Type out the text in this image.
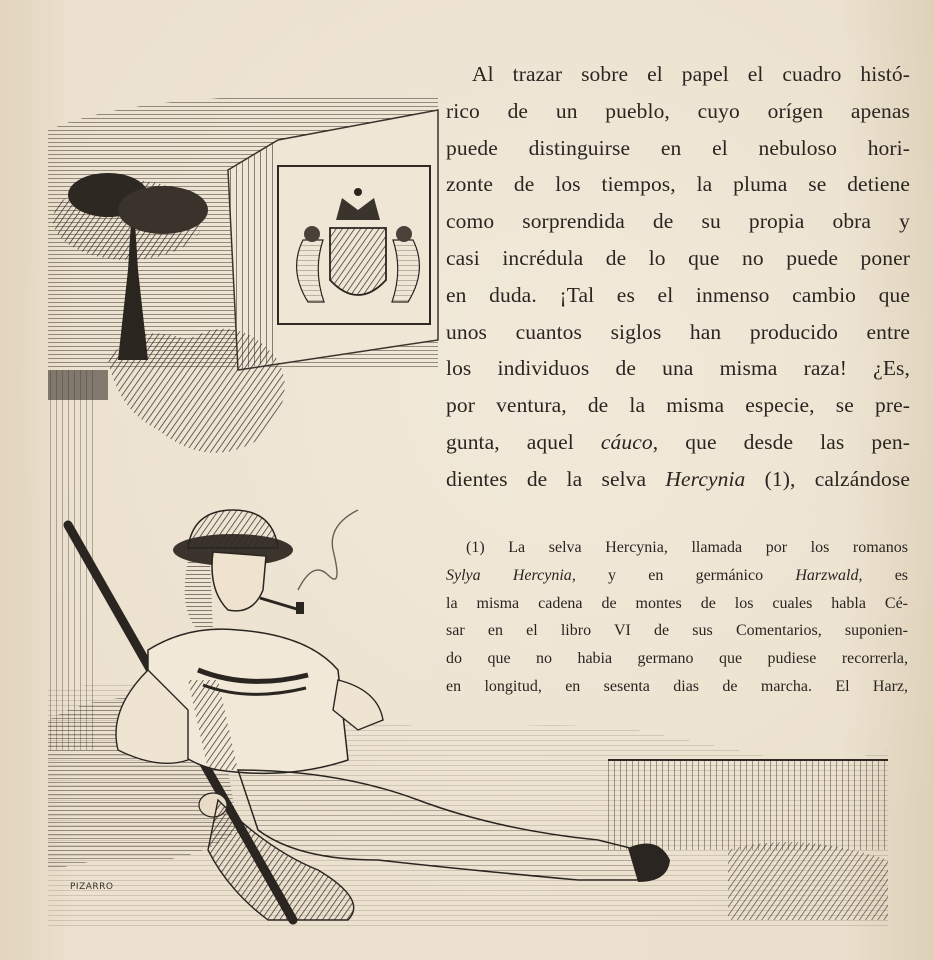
PIZARRO
Al trazar sobre el papel el cuadro histó-
rico de un pueblo, cuyo orígen apenas
puede distinguirse en el nebuloso hori-
zonte de los tiempos, la pluma se detiene
como sorprendida de su propia obra y
casi incrédula de lo que no puede poner
en duda. ¡Tal es el inmenso cambio que
unos cuantos siglos han producido entre
los individuos de una misma raza! ¿Es,
por ventura, de la misma especie, se pre-
gunta, aquel cáuco, que desde las pen-
dientes de la selva Hercynia (1), calzándose
(1) La selva Hercynia, llamada por los romanos
Sylya Hercynia, y en germánico Harzwald, es
la misma cadena de montes de los cuales habla Cé-
sar en el libro VI de sus Comentarios, suponien-
do que no habia germano que pudiese recorrerla,
en longitud, en sesenta dias de marcha. El Harz,
